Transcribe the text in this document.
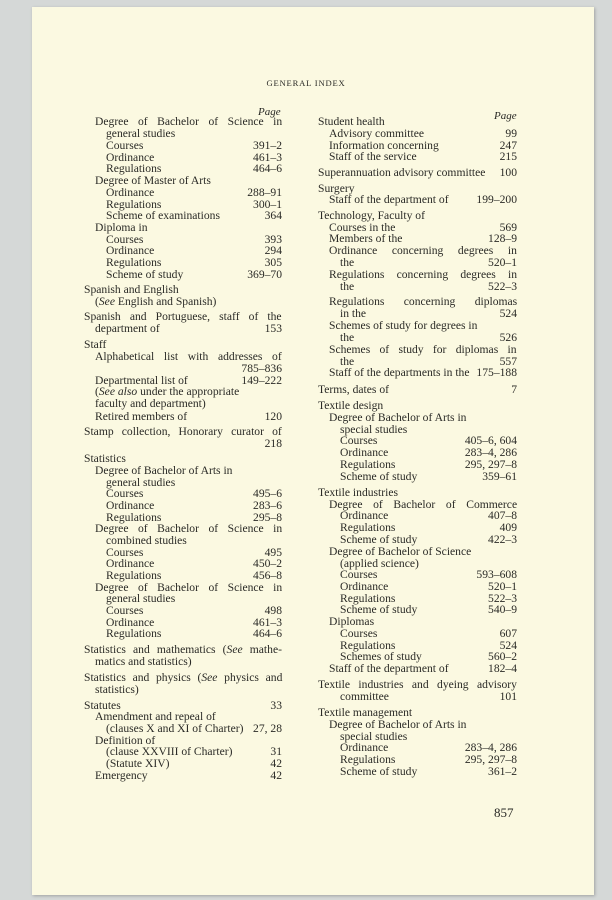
GENERAL INDEX
Page	Page
Degree of Bachelor of Science in
general studies
Courses	391–2
Ordinance	461–3
Regulations	464–6
Degree of Master of Arts
Ordinance	288–91
Regulations	300–1
Scheme of examinations	364
Diploma in
Courses	393
Ordinance	294
Regulations	305
Scheme of study	369–70
Spanish and English
(See English and Spanish)
Spanish and Portuguese, staff of the
department of	153
Staff
Alphabetical list with addresses of
785–836
Departmental list of	149–222
(See also under the appropriate
faculty and department)
Retired members of	120
Stamp collection, Honorary curator of
218
Statistics
Degree of Bachelor of Arts in
general studies
Courses	495–6
Ordinance	283–6
Regulations	295–8
Degree of Bachelor of Science in
combined studies
Courses	495
Ordinance	450–2
Regulations	456–8
Degree of Bachelor of Science in
general studies
Courses	498
Ordinance	461–3
Regulations	464–6
Statistics and mathematics (See mathe-
matics and statistics)
Statistics and physics (See physics and
statistics)
Statutes	33
Amendment and repeal of
(clauses X and XI of Charter) 27, 28
Definition of
(clause XXVIII of Charter)	31
(Statute XIV)	42
Emergency	42
Student health
Advisory committee	99
Information concerning	247
Staff of the service	215
Superannuation advisory committee	100
Surgery
Staff of the department of	199–200
Technology, Faculty of
Courses in the	569
Members of the	128–9
Ordinance concerning degrees in
the	520–1
Regulations concerning degrees in
the	522–3
Regulations concerning diplomas
in the	524
Schemes of study for degrees in
the	526
Schemes of study for diplomas in
the	557
Staff of the departments in the 175–188
Terms, dates of	7
Textile design
Degree of Bachelor of Arts in
special studies
Courses	405–6, 604
Ordinance	283–4, 286
Regulations	295, 297–8
Scheme of study	359–61
Textile industries
Degree of Bachelor of Commerce
Ordinance	407–8
Regulations	409
Scheme of study	422–3
Degree of Bachelor of Science
(applied science)
Courses	593–608
Ordinance	520–1
Regulations	522–3
Scheme of study	540–9
Diplomas
Courses	607
Regulations	524
Schemes of study	560–2
Staff of the department of	182–4
Textile industries and dyeing advisory
committee	101
Textile management
Degree of Bachelor of Arts in
special studies
Ordinance	283–4, 286
Regulations	295, 297–8
Scheme of study	361–2
857
